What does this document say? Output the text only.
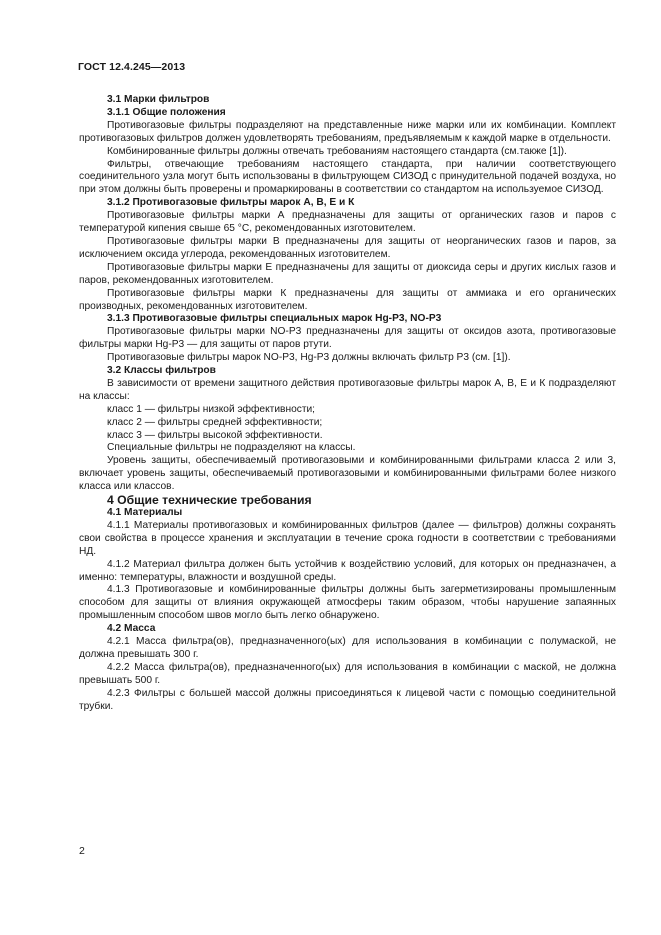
ГОСТ 12.4.245—2013

3.1 Марки фильтров

3.1.1 Общие положения

Противогазовые фильтры подразделяют на представленные ниже марки или их комбинации. Комплект противогазовых фильтров должен удовлетворять требованиям, предъявляемым к каждой марке в отдельности.

Комбинированные фильтры должны отвечать требованиям настоящего стандарта (см.также [1]).

Фильтры, отвечающие требованиям настоящего стандарта, при наличии соответствующего соединительного узла могут быть использованы в фильтрующем СИЗОД с принудительной подачей воздуха, но при этом должны быть проверены и промаркированы в соответствии со стандартом на используемое СИЗОД.

3.1.2 Противогазовые фильтры марок А, В, Е и К

Противогазовые фильтры марки А предназначены для защиты от органических газов и паров с температурой кипения свыше 65 °С, рекомендованных изготовителем.

Противогазовые фильтры марки В предназначены для защиты от неорганических газов и паров, за исключением оксида углерода, рекомендованных изготовителем.

Противогазовые фильтры марки Е предназначены для защиты от диоксида серы и других кислых газов и паров, рекомендованных изготовителем.

Противогазовые фильтры марки К предназначены для защиты от аммиака и его органических производных, рекомендованных изготовителем.

3.1.3 Противогазовые фильтры специальных марок Hg-P3, NO-P3

Противогазовые фильтры марки NO-P3 предназначены для защиты от оксидов азота, противогазовые фильтры марки Hg-P3 — для защиты от паров ртути.

Противогазовые фильтры марок NO-P3, Hg-P3 должны включать фильтр Р3 (см. [1]).

3.2 Классы фильтров

В зависимости от времени защитного действия противогазовые фильтры марок А, В, Е и К подразделяют на классы:

класс 1 — фильтры низкой эффективности;

класс 2 — фильтры средней эффективности;

класс 3 — фильтры высокой эффективности.

Специальные фильтры не подразделяют на классы.

Уровень защиты, обеспечиваемый противогазовыми и комбинированными фильтрами класса 2 или 3, включает уровень защиты, обеспечиваемый противогазовыми и комбинированными фильтрами более низкого класса или классов.

4 Общие технические требования

4.1 Материалы

4.1.1 Материалы противогазовых и комбинированных фильтров (далее — фильтров) должны сохранять свои свойства в процессе хранения и эксплуатации в течение срока годности в соответствии с требованиями НД.

4.1.2 Материал фильтра должен быть устойчив к воздействию условий, для которых он предназначен, а именно: температуры, влажности и воздушной среды.

4.1.3 Противогазовые и комбинированные фильтры должны быть загерметизированы промышленным способом для защиты от влияния окружающей атмосферы таким образом, чтобы нарушение запаянных промышленным способом швов могло быть легко обнаружено.

4.2 Масса

4.2.1 Масса фильтра(ов), предназначенного(ых) для использования в комбинации с полумаской, не должна превышать 300 г.

4.2.2 Масса фильтра(ов), предназначенного(ых) для использования в комбинации с маской, не должна превышать 500 г.

4.2.3 Фильтры с большей массой должны присоединяться к лицевой части с помощью соединительной трубки.

2
